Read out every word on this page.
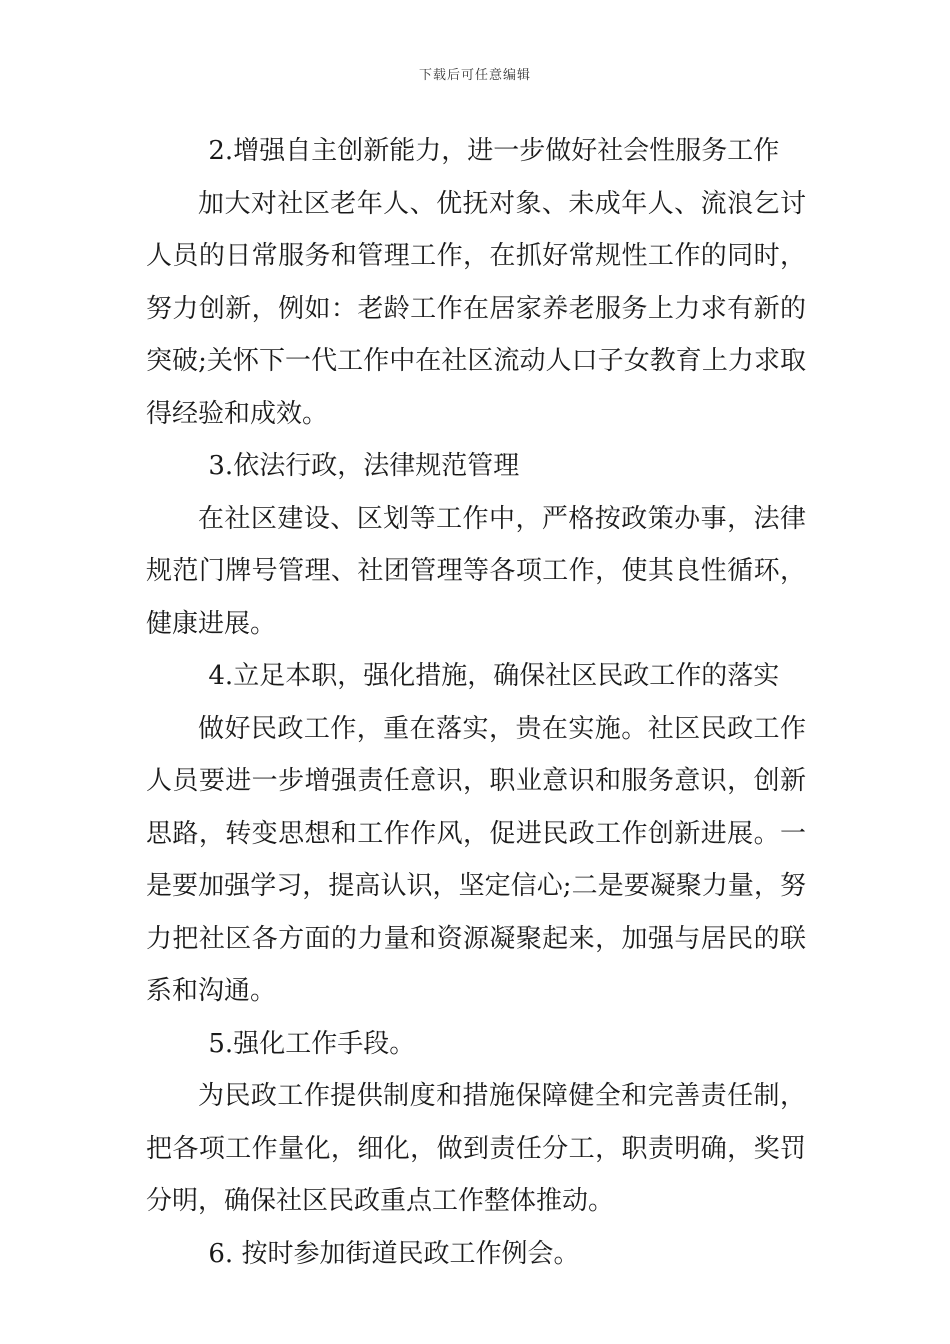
下载后可任意编辑

2.增强自主创新能力，进一步做好社会性服务工作

加大对社区老年人、优抚对象、未成年人、流浪乞讨人员的日常服务和管理工作，在抓好常规性工作的同时，努力创新，例如：老龄工作在居家养老服务上力求有新的突破;关怀下一代工作中在社区流动人口子女教育上力求取得经验和成效。

3.依法行政，法律规范管理

在社区建设、区划等工作中，严格按政策办事，法律规范门牌号管理、社团管理等各项工作，使其良性循环，健康进展。

4.立足本职，强化措施，确保社区民政工作的落实

做好民政工作，重在落实，贵在实施。社区民政工作人员要进一步增强责任意识，职业意识和服务意识，创新思路，转变思想和工作作风，促进民政工作创新进展。一是要加强学习，提高认识，坚定信心;二是要凝聚力量，努力把社区各方面的力量和资源凝聚起来，加强与居民的联系和沟通。

5.强化工作手段。

为民政工作提供制度和措施保障健全和完善责任制，把各项工作量化，细化，做到责任分工，职责明确，奖罚分明，确保社区民政重点工作整体推动。

6. 按时参加街道民政工作例会。
